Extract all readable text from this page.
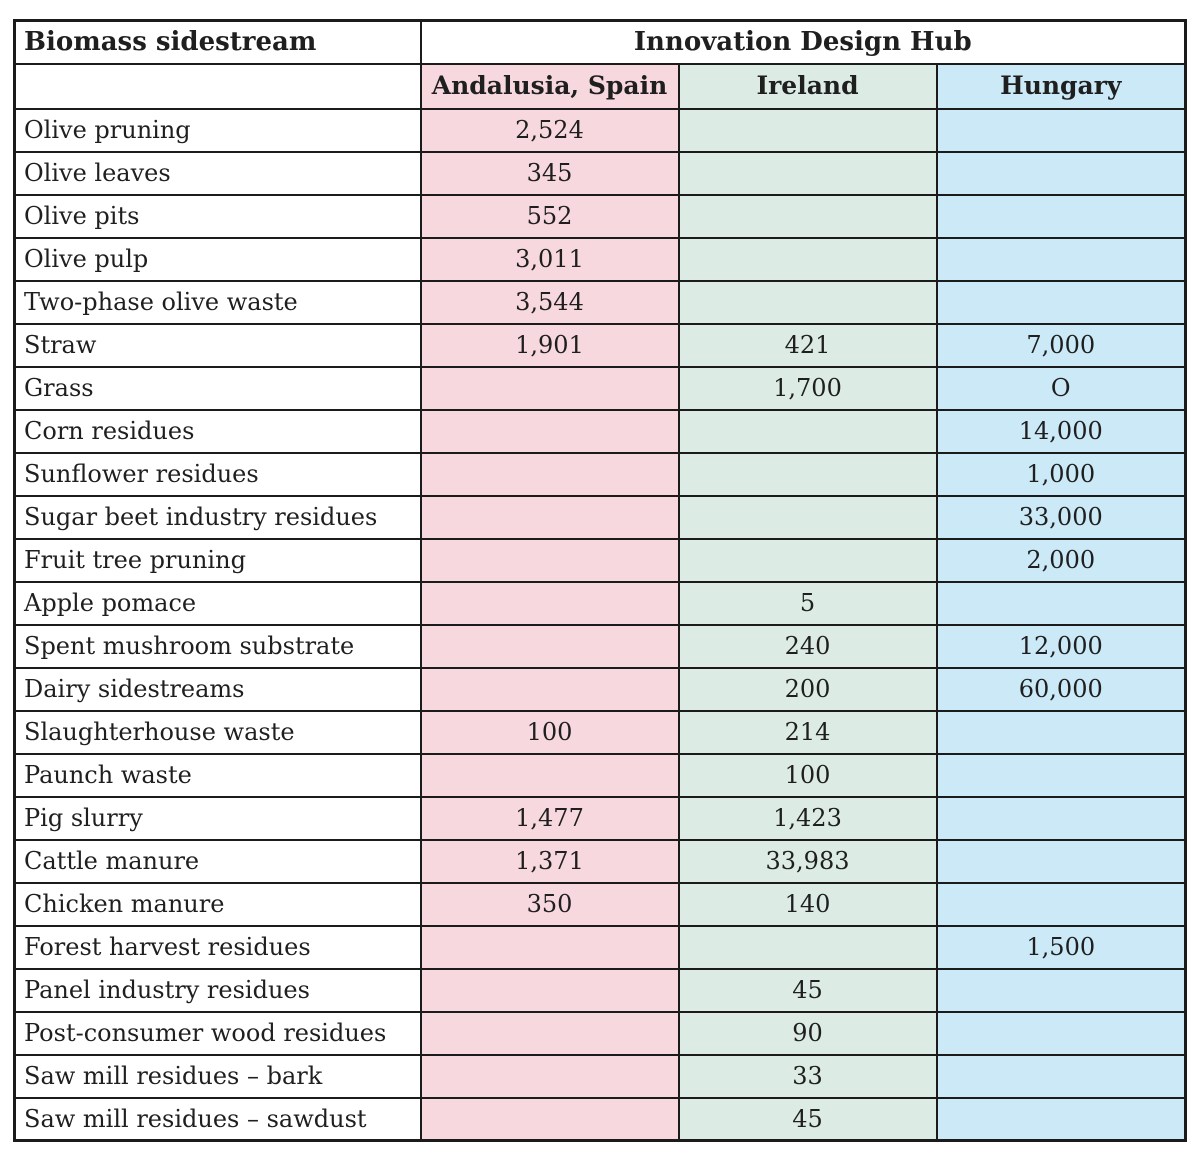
Biomass sidestream	Innovation Design Hub		
	Andalusia, Spain	Ireland	Hungary
Olive pruning	2,524		
Olive leaves	345		
Olive pits	552		
Olive pulp	3,011		
Two-phase olive waste	3,544		
Straw	1,901	421	7,000
Grass		1,700	O
Corn residues			14,000
Sunflower residues			1,000
Sugar beet industry residues			33,000
Fruit tree pruning			2,000
Apple pomace		5	
Spent mushroom substrate		240	12,000
Dairy sidestreams		200	60,000
Slaughterhouse waste	100	214	
Paunch waste		100	
Pig slurry	1,477	1,423	
Cattle manure	1,371	33,983	
Chicken manure	350	140	
Forest harvest residues			1,500
Panel industry residues		45	
Post-consumer wood residues		90	
Saw mill residues – bark		33	
Saw mill residues – sawdust		45	
